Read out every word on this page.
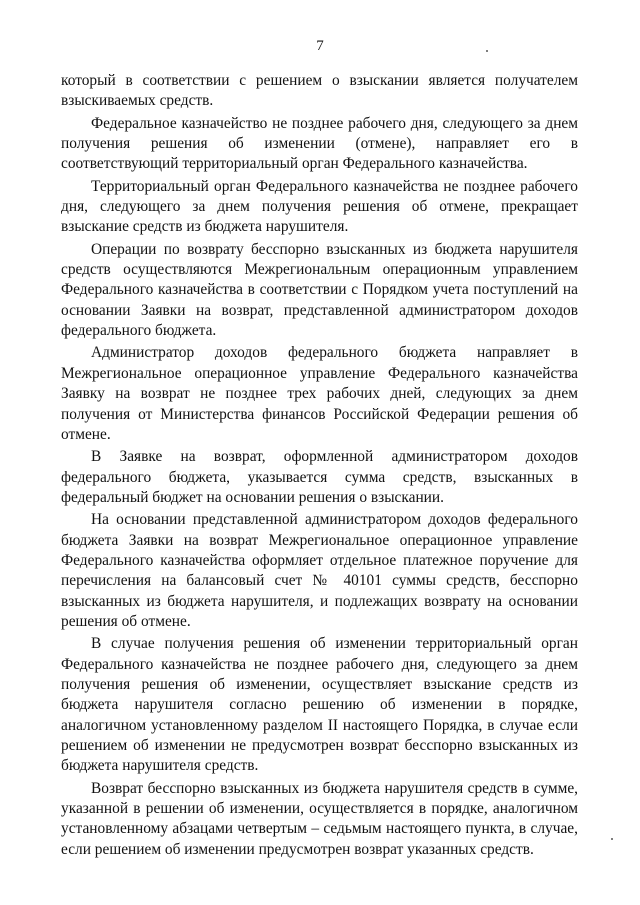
7

который в соответствии с решением о взыскании является получателем взыскиваемых средств.

Федеральное казначейство не позднее рабочего дня, следующего за днем получения решения об изменении (отмене), направляет его в соответствующий территориальный орган Федерального казначейства.

Территориальный орган Федерального казначейства не позднее рабочего дня, следующего за днем получения решения об отмене, прекращает взыскание средств из бюджета нарушителя.

Операции по возврату бесспорно взысканных из бюджета нарушителя средств осуществляются Межрегиональным операционным управлением Федерального казначейства в соответствии с Порядком учета поступлений на основании Заявки на возврат, представленной администратором доходов федерального бюджета.

Администратор доходов федерального бюджета направляет в Межрегиональное операционное управление Федерального казначейства Заявку на возврат не позднее трех рабочих дней, следующих за днем получения от Министерства финансов Российской Федерации решения об отмене.

В Заявке на возврат, оформленной администратором доходов федерального бюджета, указывается сумма средств, взысканных в федеральный бюджет на основании решения о взыскании.

На основании представленной администратором доходов федерального бюджета Заявки на возврат Межрегиональное операционное управление Федерального казначейства оформляет отдельное платежное поручение для перечисления на балансовый счет № 40101 суммы средств, бесспорно взысканных из бюджета нарушителя, и подлежащих возврату на основании решения об отмене.

В случае получения решения об изменении территориальный орган Федерального казначейства не позднее рабочего дня, следующего за днем получения решения об изменении, осуществляет взыскание средств из бюджета нарушителя согласно решению об изменении в порядке, аналогичном установленному разделом II настоящего Порядка, в случае если решением об изменении не предусмотрен возврат бесспорно взысканных из бюджета нарушителя средств.

Возврат бесспорно взысканных из бюджета нарушителя средств в сумме, указанной в решении об изменении, осуществляется в порядке, аналогичном установленному абзацами четвертым – седьмым настоящего пункта, в случае, если решением об изменении предусмотрен возврат указанных средств.
